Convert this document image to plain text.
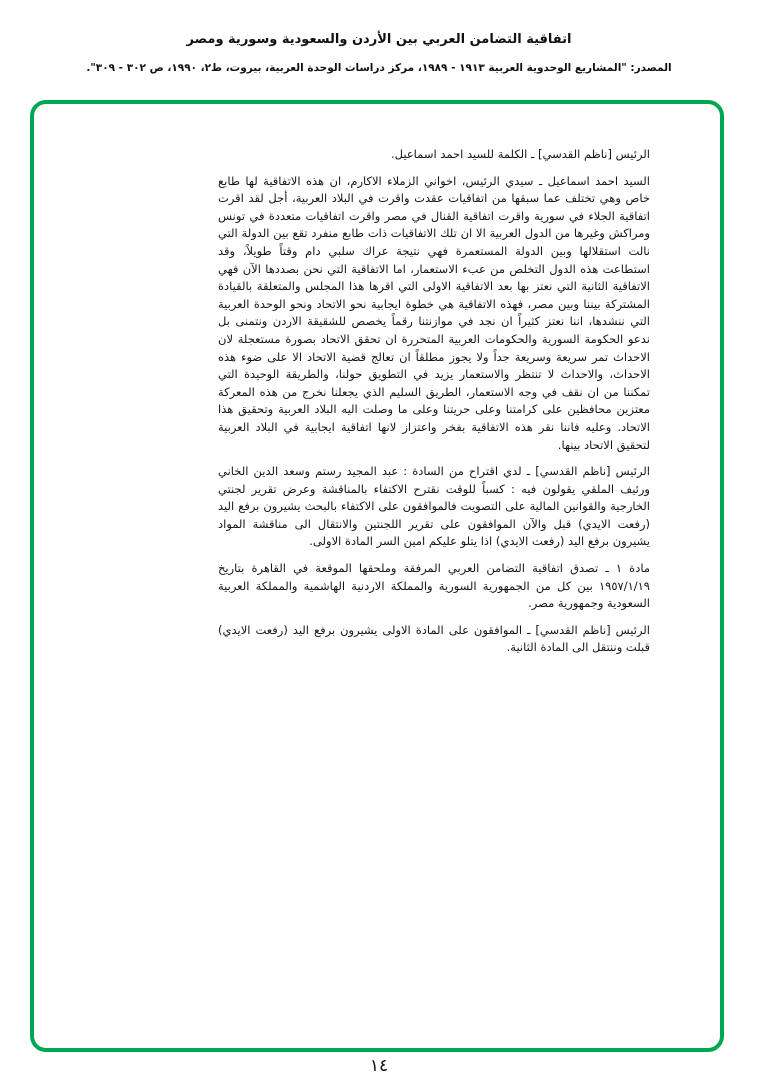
اتفاقية التضامن العربي بين الأردن والسعودية وسورية ومصر
المصدر: "المشاريع الوحدوية العربية ١٩١٣ - ١٩٨٩، مركز دراسات الوحدة العربية، بيروت، ط٢، ١٩٩٠، ص ٣٠٢ - ٣٠٩".

الرئيس [ناظم القدسي] ـ الكلمة للسيد احمد اسماعيل.

السيد احمد اسماعيل ـ سيدي الرئيس، اخواني الزملاء الاكارم، ان هذه الاتفاقية لها طابع خاص وهي تختلف عما سبقها من اتفاقيات عقدت واقرت في البلاد العربية، أجل لقد اقرت اتفاقية الجلاء في سورية واقرت اتفاقية القنال في مصر واقرت اتفاقيات متعددة في تونس ومراكش وغيرها من الدول العربية الا ان تلك الاتفاقيات ذات طابع منفرد تقع بين الدولة التي نالت استقلالها وبين الدولة المستعمرة فهي نتيجة عراك سلبي دام وقتاً طويلاً، وقد استطاعت هذه الدول التخلص من عبء الاستعمار، اما الاتفاقية التي نحن بصددها الآن فهي الاتفاقية الثانية التي نعتز بها بعد الاتفاقية الاولى التي اقرها هذا المجلس والمتعلقة بالقيادة المشتركة بيننا وبين مصر، فهذه الاتفاقية هي خطوة ايجابية نحو الاتحاد ونحو الوحدة العربية التي ننشدها، اننا نعتز كثيراً ان نجد في موازنتنا رقماً يخصص للشقيقة الاردن ونتمنى بل ندعو الحكومة السورية والحكومات العربية المتحررة ان تحقق الاتحاد بصورة مستعجلة لان الاحداث تمر سريعة وسريعة جداً ولا يجوز مطلقاً ان تعالج قضية الاتحاد الا على ضوء هذه الاحداث، والاحداث لا تنتظر والاستعمار يزيد في التطويق حولنا، والطريقة الوحيدة التي تمكننا من ان نقف في وجه الاستعمار، الطريق السليم الذي يجعلنا نخرج من هذه المعركة معتزين محافظين على كرامتنا وعلى حريتنا وعلى ما وصلت اليه البلاد العربية وتحقيق هذا الاتحاد. وعليه فاننا نقر هذه الاتفاقية بفخر واعتزاز لانها اتفاقية ايجابية في البلاد العربية لتحقيق الاتحاد بينها.

الرئيس [ناظم القدسي] ـ لدي اقتراح من السادة : عبد المجيد رستم وسعد الدين الخاني ورئيف الملقي يقولون فيه : كسباً للوقت نقترح الاكتفاء بالمناقشة وعرض تقرير لجنتي الخارجية والقوانين المالية على التصويت فالموافقون على الاكتفاء بالبحث يشيرون برفع اليد (رفعت الايدي) قبل والآن الموافقون على تقرير اللجنتين والانتقال الى مناقشة المواد يشيرون برفع اليد (رفعت الايدي) اذا يتلو عليكم امين السر المادة الاولى.

مادة ١ ـ تصدق اتفاقية التضامن العربي المرفقة وملحقها الموقعة في القاهرة بتاريخ ١٩٥٧/١/١٩ بين كل من الجمهورية السورية والمملكة الاردنية الهاشمية والمملكة العربية السعودية وجمهورية مصر.

الرئيس [ناظم القدسي] ـ الموافقون على المادة الاولى يشيرون برفع اليد (رفعت الايدي) قبلت وننتقل الى المادة الثانية.

١٤
